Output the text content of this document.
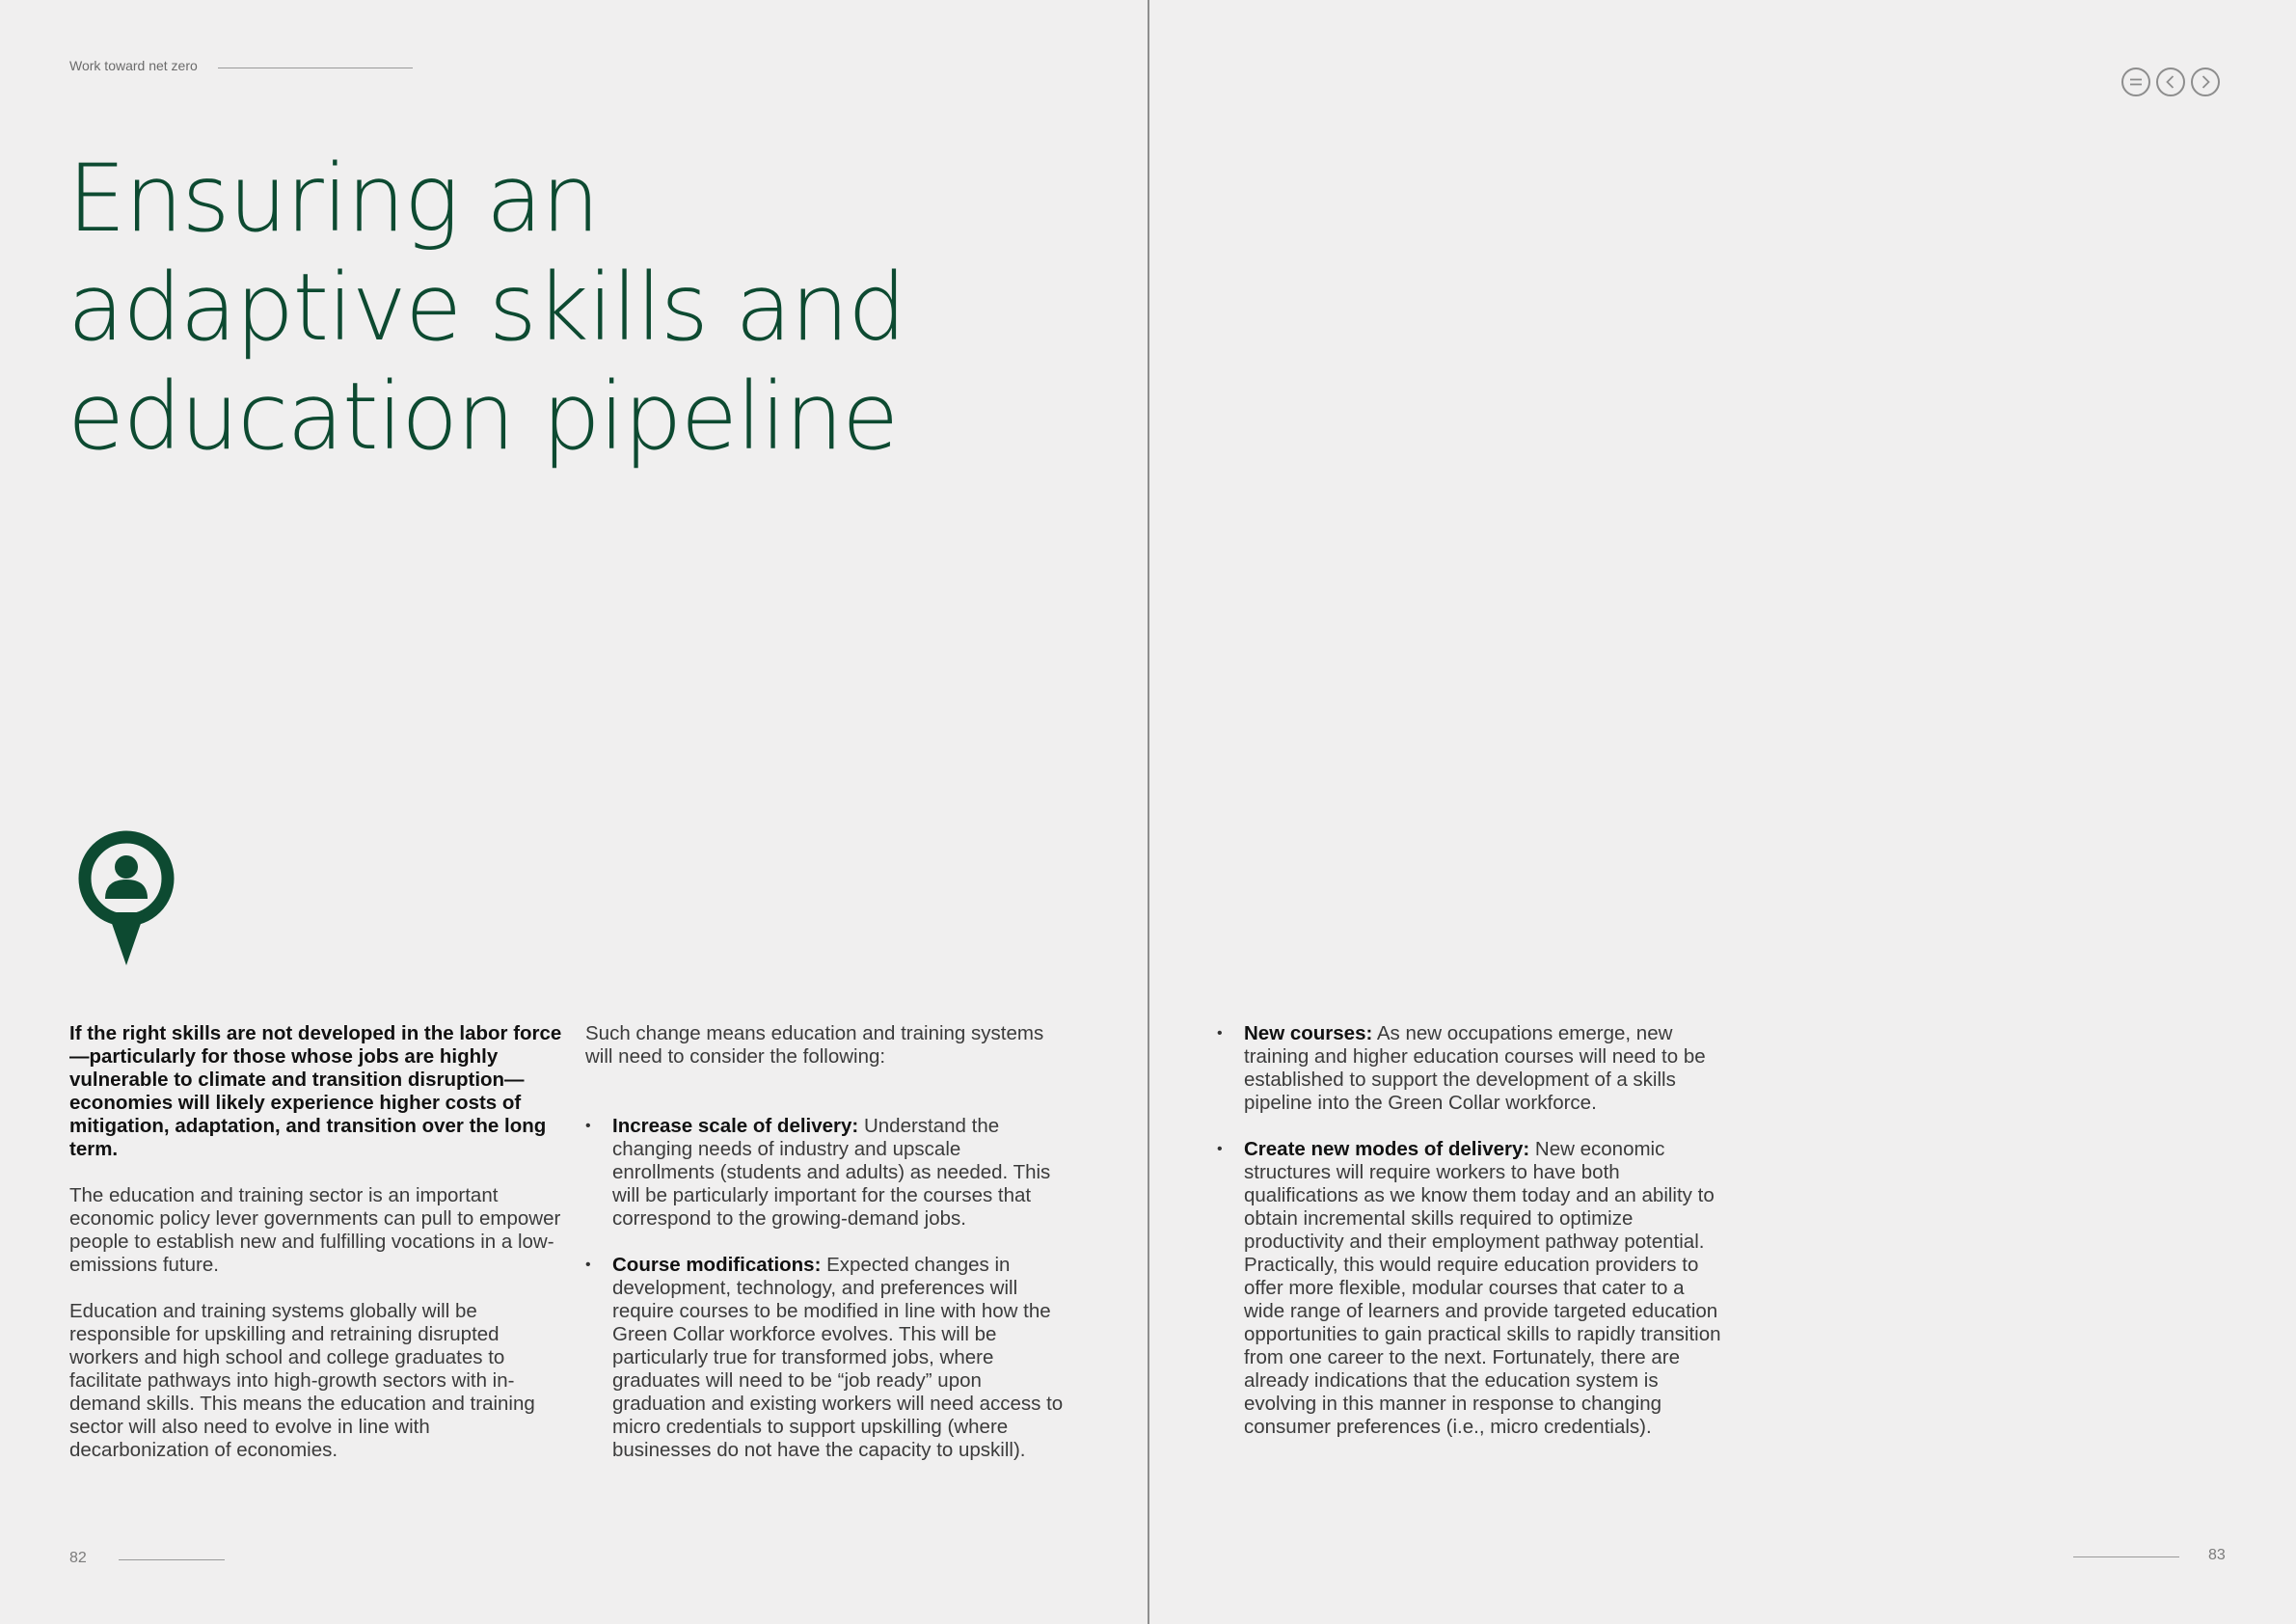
Work toward net zero
Ensuring an
adaptive skills and
education pipeline

If the right skills are not developed in the labor force—particularly for those whose jobs are highly vulnerable to climate and transition disruption—economies will likely experience higher costs of mitigation, adaptation, and transition over the long term.

The education and training sector is an important economic policy lever governments can pull to empower people to establish new and fulfilling vocations in a low-emissions future.

Education and training systems globally will be responsible for upskilling and retraining disrupted workers and high school and college graduates to facilitate pathways into high-growth sectors with in-demand skills. This means the education and training sector will also need to evolve in line with decarbonization of economies.

Such change means education and training systems will need to consider the following:

• Increase scale of delivery: Understand the changing needs of industry and upscale enrollments (students and adults) as needed. This will be particularly important for the courses that correspond to the growing-demand jobs.
• Course modifications: Expected changes in development, technology, and preferences will require courses to be modified in line with how the Green Collar workforce evolves. This will be particularly true for transformed jobs, where graduates will need to be “job ready” upon graduation and existing workers will need access to micro credentials to support upskilling (where businesses do not have the capacity to upskill).
• New courses: As new occupations emerge, new training and higher education courses will need to be established to support the development of a skills pipeline into the Green Collar workforce.
• Create new modes of delivery: New economic structures will require workers to have both qualifications as we know them today and an ability to obtain incremental skills required to optimize productivity and their employment pathway potential. Practically, this would require education providers to offer more flexible, modular courses that cater to a wide range of learners and provide targeted education opportunities to gain practical skills to rapidly transition from one career to the next. Fortunately, there are already indications that the education system is evolving in this manner in response to changing consumer preferences (i.e., micro credentials).
82	83
